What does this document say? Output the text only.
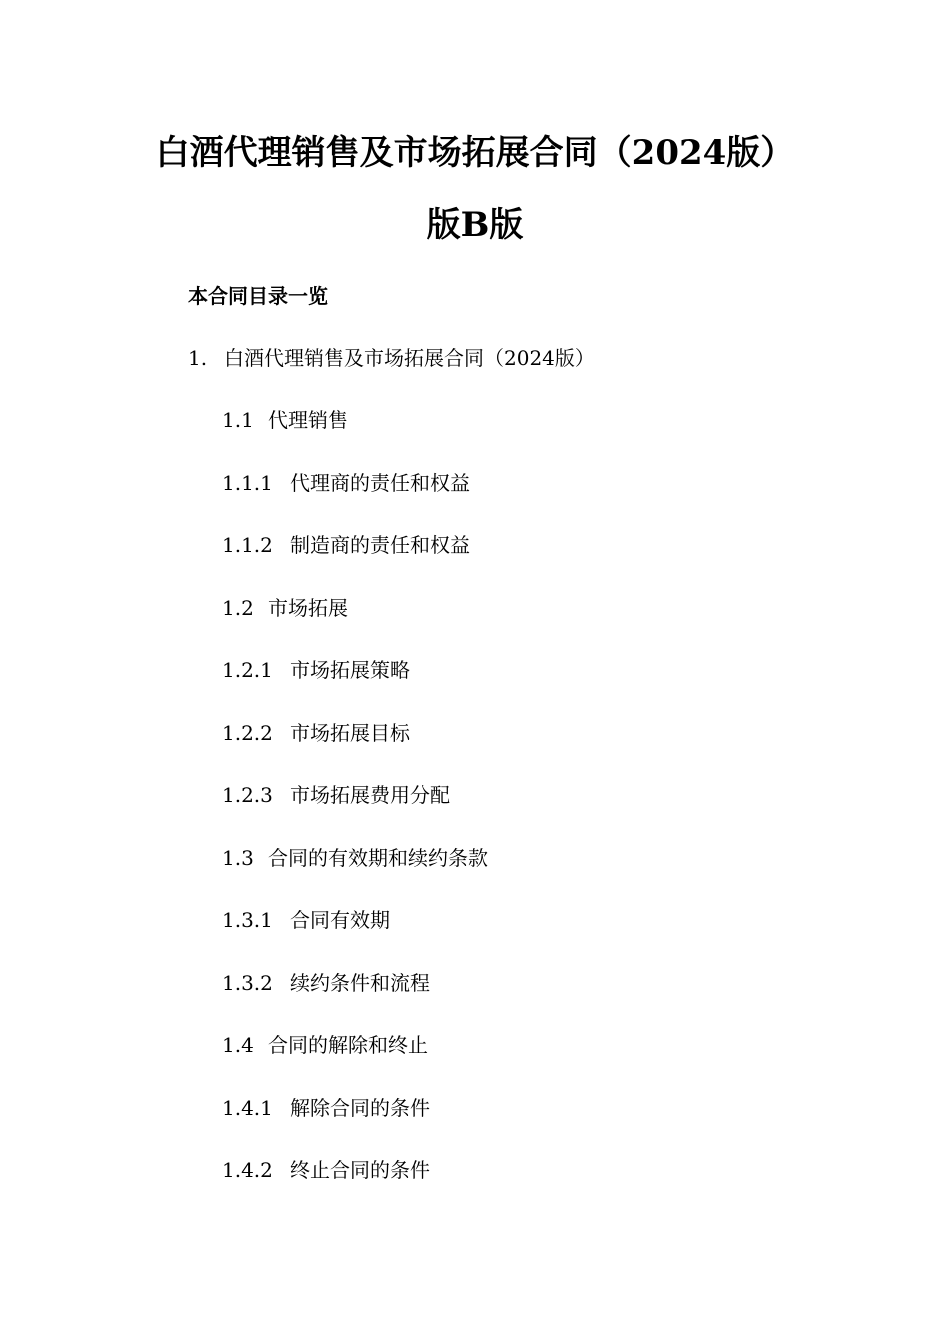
白酒代理销售及市场拓展合同（2024版）
版B版
本合同目录一览
1. 白酒代理销售及市场拓展合同（2024版）
1.1 代理销售
1.1.1 代理商的责任和权益
1.1.2 制造商的责任和权益
1.2 市场拓展
1.2.1 市场拓展策略
1.2.2 市场拓展目标
1.2.3 市场拓展费用分配
1.3 合同的有效期和续约条款
1.3.1 合同有效期
1.3.2 续约条件和流程
1.4 合同的解除和终止
1.4.1 解除合同的条件
1.4.2 终止合同的条件
